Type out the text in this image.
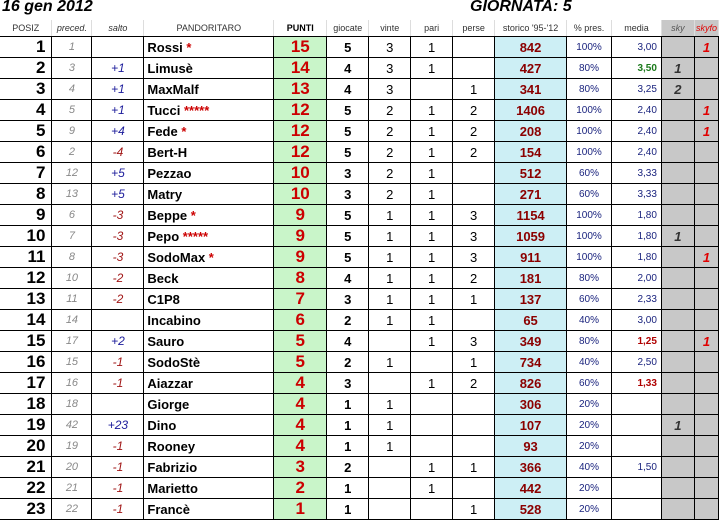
16 gen 2012	GIORNATA: 5
POSIZ	preced.	salto	PANDORITARO	PUNTI	giocate	vinte	pari	perse	storico '95-'12	% pres.	media	sky	skyfo
1	1		Rossi *	15	5	3	1		842	100%	3,00		1
2	3	+1	Limusè	14	4	3	1		427	80%	3,50	1	
3	4	+1	MaxMalf	13	4	3		1	341	80%	3,25	2	
4	5	+1	Tucci *****	12	5	2	1	2	1406	100%	2,40		1
5	9	+4	Fede *	12	5	2	1	2	208	100%	2,40		1
6	2	-4	Bert-H	12	5	2	1	2	154	100%	2,40		
7	12	+5	Pezzao	10	3	2	1		512	60%	3,33		
8	13	+5	Matry	10	3	2	1		271	60%	3,33		
9	6	-3	Beppe *	9	5	1	1	3	1154	100%	1,80		
10	7	-3	Pepo *****	9	5	1	1	3	1059	100%	1,80	1	
11	8	-3	SodoMax *	9	5	1	1	3	911	100%	1,80		1
12	10	-2	Beck	8	4	1	1	2	181	80%	2,00		
13	11	-2	C1P8	7	3	1	1	1	137	60%	2,33		
14	14		Incabino	6	2	1	1		65	40%	3,00		
15	17	+2	Sauro	5	4		1	3	349	80%	1,25		1
16	15	-1	SodoStè	5	2	1		1	734	40%	2,50		
17	16	-1	Aiazzar	4	3		1	2	826	60%	1,33		
18	18		Giorge	4	1	1			306	20%			
19	42	+23	Dino	4	1	1			107	20%		1	
20	19	-1	Rooney	4	1	1			93	20%			
21	20	-1	Fabrizio	3	2		1	1	366	40%	1,50		
22	21	-1	Marietto	2	1		1		442	20%			
23	22	-1	Francè	1	1			1	528	20%			
